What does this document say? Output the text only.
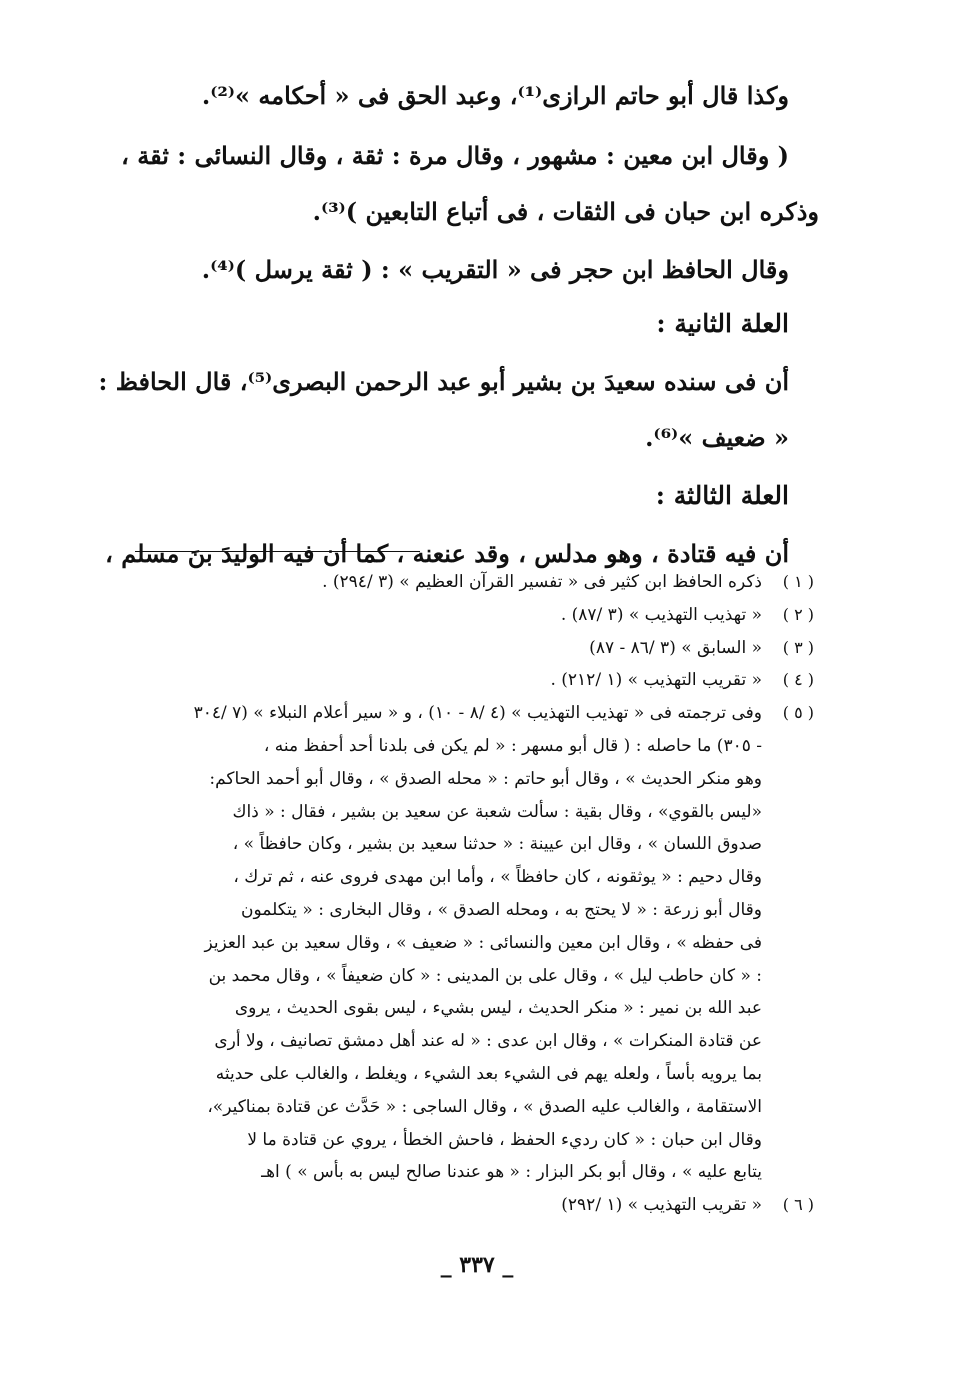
وكذا قال أبو حاتم الرازى⁽¹⁾، وعبد الحق فى « أحكامه »⁽²⁾.
( وقال ابن معين : مشهور ، وقال مرة : ثقة ، وقال النسائى : ثقة ،
وذكره ابن حبان فى الثقات ، فى أتباع التابعين )⁽³⁾.
وقال الحافظ ابن حجر فى « التقريب » : ( ثقة يرسل )⁽⁴⁾.
العلة الثانية :
أن فى سنده سعيدَ بن بشير أبو عبد الرحمن البصرى⁽⁵⁾، قال الحافظ :
« ضعيف »⁽⁶⁾.
العلة الثالثة :
أن فيه قتادة ، وهو مدلس ، وقد عنعنه ، كما أن فيه الوليدَ بنَ مسلم ،
( ١ )
ذكره الحافظ ابن كثير فى « تفسير القرآن العظيم » (٣ /٢٩٤) .
( ٢ )
« تهذيب التهذيب » (٣ /٨٧) .
( ٣ )
« السابق » (٣ /٨٦ - ٨٧)
( ٤ )
« تقريب التهذيب » (١ /٢١٢) .
( ٥ )
وفى ترجمته فى « تهذيب التهذيب » (٤ /٨ - ١٠) ، و « سير أعلام النبلاء » (٧ /٣٠٤
- ٣٠٥) ما حاصله : ( قال أبو مسهر : « لم يكن فى بلدنا أحد أحفظ منه ،
وهو منكر الحديث » ، وقال أبو حاتم : « محله الصدق » ، وقال أبو أحمد الحاكم:
«ليس بالقوي» ، وقال بقية : سألت شعبة عن سعيد بن بشير ، فقال : « ذاك
صدوق اللسان » ، وقال ابن عيينة : « حدثنا سعيد بن بشير ، وكان حافظاً » ،
وقال دحيم : « يوثقونه ، كان حافظاً » ، وأما ابن مهدى فروى عنه ، ثم ترك ،
وقال أبو زرعة : « لا يحتج به ، ومحله الصدق » ، وقال البخارى : « يتكلمون
فى حفظه » ، وقال ابن معين والنسائى : « ضعيف » ، وقال سعيد بن عبد العزيز
: « كان حاطب ليل » ، وقال على بن المدينى : « كان ضعيفاً » ، وقال محمد بن
عبد الله بن نمير : « منكر الحديث ، ليس بشيء ، ليس بقوى الحديث ، يروى
عن قتادة المنكرات » ، وقال ابن عدى : « له عند أهل دمشق تصانيف ، ولا أرى
بما يرويه بأساً ، ولعله يهم فى الشيء بعد الشيء ، ويغلط ، والغالب على حديثه
الاستقامة ، والغالب عليه الصدق » ، وقال الساجى : « حَدَّث عن قتادة بمناكير»،
وقال ابن حبان : « كان رديء الحفظ ، فاحش الخطأ ، يروي عن قتادة ما لا
يتابع عليه » ، وقال أبو بكر البزار : « هو عندنا صالح ليس به بأس » ) اهـ
( ٦ )
« تقريب التهذيب » (١ /٢٩٢)
_ ٣٣٧ _
